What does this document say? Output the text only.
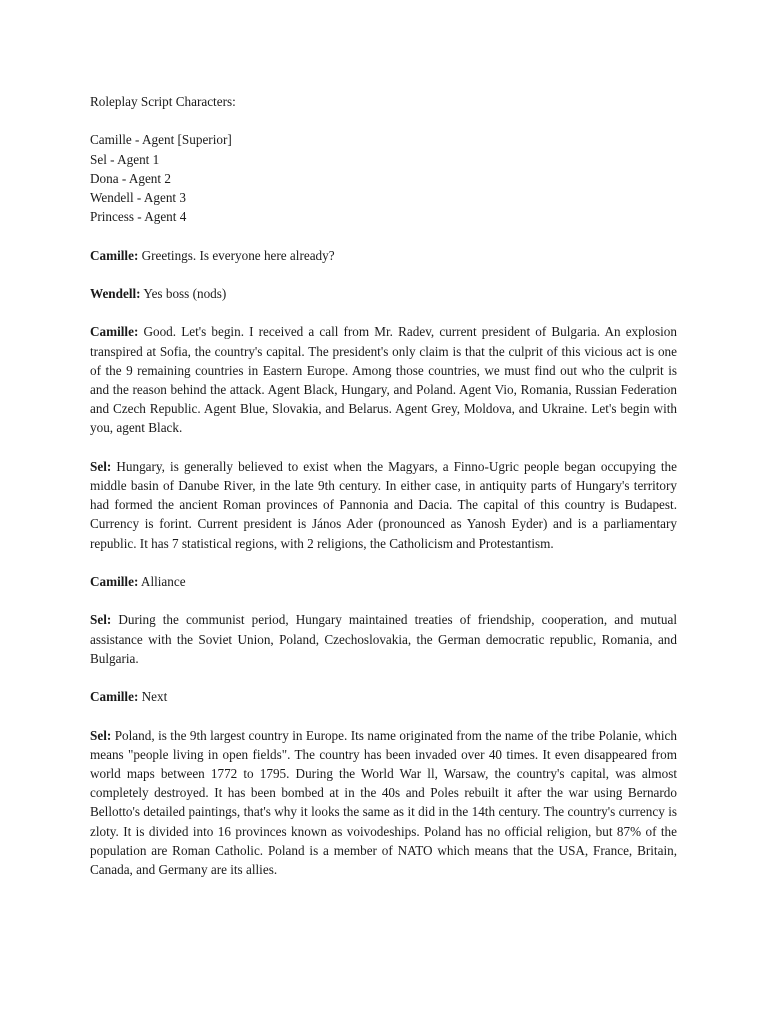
Roleplay Script Characters:

Camille - Agent [Superior]
Sel - Agent 1
Dona - Agent 2
Wendell - Agent 3
Princess - Agent 4

Camille: Greetings. Is everyone here already?

Wendell: Yes boss (nods)

Camille: Good. Let's begin. I received a call from Mr. Radev, current president of Bulgaria. An explosion transpired at Sofia, the country's capital. The president's only claim is that the culprit of this vicious act is one of the 9 remaining countries in Eastern Europe. Among those countries, we must find out who the culprit is and the reason behind the attack. Agent Black, Hungary, and Poland. Agent Vio, Romania, Russian Federation and Czech Republic. Agent Blue, Slovakia, and Belarus. Agent Grey, Moldova, and Ukraine. Let's begin with you, agent Black.

Sel: Hungary, is generally believed to exist when the Magyars, a Finno-Ugric people began occupying the middle basin of Danube River, in the late 9th century. In either case, in antiquity parts of Hungary's territory had formed the ancient Roman provinces of Pannonia and Dacia. The capital of this country is Budapest. Currency is forint. Current president is János Ader (pronounced as Yanosh Eyder) and is a parliamentary republic. It has 7 statistical regions, with 2 religions, the Catholicism and Protestantism.

Camille: Alliance

Sel: During the communist period, Hungary maintained treaties of friendship, cooperation, and mutual assistance with the Soviet Union, Poland, Czechoslovakia, the German democratic republic, Romania, and Bulgaria.

Camille: Next

Sel: Poland, is the 9th largest country in Europe. Its name originated from the name of the tribe Polanie, which means "people living in open fields". The country has been invaded over 40 times. It even disappeared from world maps between 1772 to 1795. During the World War ll, Warsaw, the country's capital, was almost completely destroyed. It has been bombed at in the 40s and Poles rebuilt it after the war using Bernardo Bellotto's detailed paintings, that's why it looks the same as it did in the 14th century. The country's currency is zloty. It is divided into 16 provinces known as voivodeships. Poland has no official religion, but 87% of the population are Roman Catholic. Poland is a member of NATO which means that the USA, France, Britain, Canada, and Germany are its allies.
